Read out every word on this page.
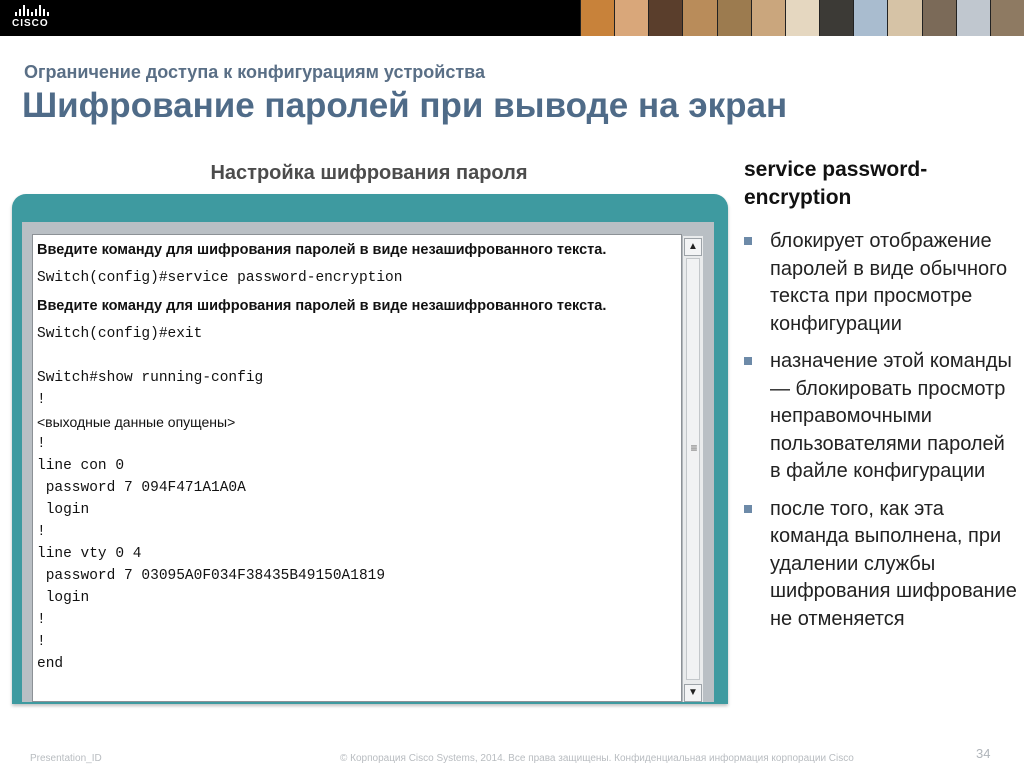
CISCO
Ограничение доступа к конфигурациям устройства
Шифрование паролей при выводе на экран
Настройка шифрования пароля
Введите команду для шифрования паролей в виде незашифрованного текста.
Switch(config)#service password-encryption
Введите команду для шифрования паролей в виде незашифрованного текста.
Switch(config)#exit
Switch#show running-config
!
<выходные данные опущены>
!
line con 0
password 7 094F471A1A0A
login
!
line vty 0 4
password 7 03095A0F034F38435B49150A1819
login
!
!
end
▲
≡
▼
service password-encryption
блокирует отображение паролей в виде обычного текста при просмотре конфигурации
назначение этой команды — блокировать просмотр неправомочными пользователями паролей в файле конфигурации
после того, как эта команда выполнена, при удалении службы шифрования шифрование не отменяется
Presentation_ID	© Корпорация Cisco Systems, 2014. Все права защищены. Конфиденциальная информация корпорации Cisco	34
